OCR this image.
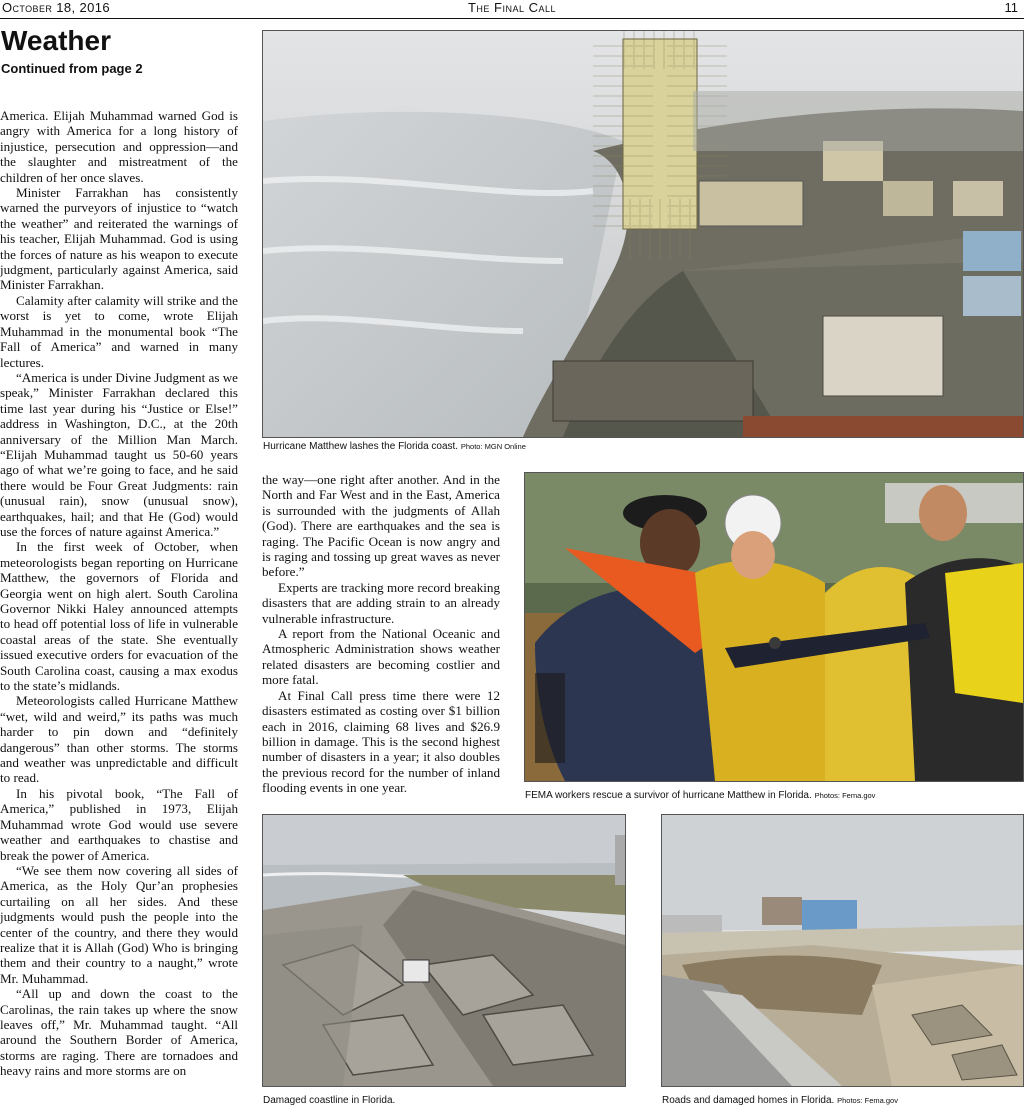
October 18, 2016	The Final Call	11
Weather
Continued from page 2

America. Elijah Muhammad warned God is angry with America for a long history of injustice, persecution and oppression—and the slaughter and mistreatment of the children of her once slaves.

Minister Farrakhan has consistently warned the purveyors of injustice to “watch the weather” and reiterated the warnings of his teacher, Elijah Muhammad. God is using the forces of nature as his weapon to execute judgment, particularly against America, said Minister Farrakhan.

Calamity after calamity will strike and the worst is yet to come, wrote Elijah Muhammad in the monumental book “The Fall of America” and warned in many lectures.

“America is under Divine Judgment as we speak,” Minister Farrakhan declared this time last year during his “Justice or Else!” address in Washington, D.C., at the 20th anniversary of the Million Man March. “Elijah Muhammad taught us 50-60 years ago of what we’re going to face, and he said there would be Four Great Judgments: rain (unusual rain), snow (unusual snow), earthquakes, hail; and that He (God) would use the forces of nature against America.”

In the first week of October, when meteorologists began reporting on Hurricane Matthew, the governors of Florida and Georgia went on high alert. South Carolina Governor Nikki Haley announced attempts to head off potential loss of life in vulnerable coastal areas of the state. She eventually issued executive orders for evacuation of the South Carolina coast, causing a max exodus to the state’s midlands.

Meteorologists called Hurricane Matthew “wet, wild and weird,” its paths was much harder to pin down and “definitely dangerous” than other storms. The storms and weather was unpredictable and difficult to read.

In his pivotal book, “The Fall of America,” published in 1973, Elijah Muhammad wrote God would use severe weather and earthquakes to chastise and break the power of America.

“We see them now covering all sides of America, as the Holy Qur’an prophesies curtailing on all her sides. And these judgments would push the people into the center of the country, and there they would realize that it is Allah (God) Who is bringing them and their country to a naught,” wrote Mr. Muhammad.

“All up and down the coast to the Carolinas, the rain takes up where the snow leaves off,” Mr. Muhammad taught. “All around the Southern Border of America, storms are raging. There are tornadoes and heavy rains and more storms are on

the way—one right after another. And in the North and Far West and in the East, America is surrounded with the judgments of Allah (God). There are earthquakes and the sea is raging. The Pacific Ocean is now angry and is raging and tossing up great waves as never before.”

Experts are tracking more record breaking disasters that are adding strain to an already vulnerable infrastructure.

A report from the National Oceanic and Atmospheric Administration shows weather related disasters are becoming costlier and more fatal.

At Final Call press time there were 12 disasters estimated as costing over $1 billion each in 2016, claiming 68 lives and $26.9 billion in damage. This is the second highest number of disasters in a year; it also doubles the previous record for the number of inland flooding events in one year.

Hurricane Matthew lashes the Florida coast. Photo: MGN Online
FEMA workers rescue a survivor of hurricane Matthew in Florida. Photos: Fema.gov
Damaged coastline in Florida.	Roads and damaged homes in Florida. Photos: Fema.gov
